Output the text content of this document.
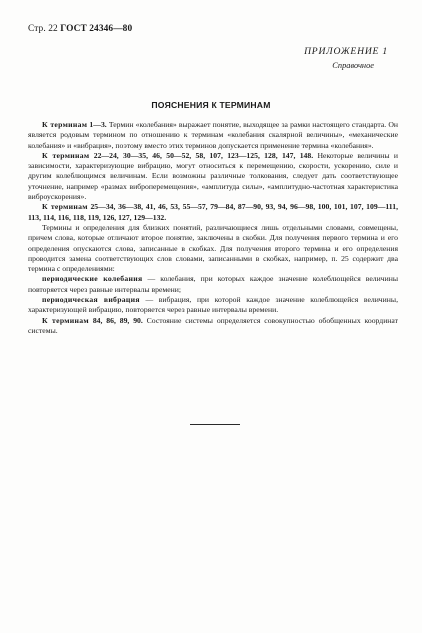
Стр. 22 ГОСТ 24346—80
ПРИЛОЖЕНИЕ 1
Справочное
ПОЯСНЕНИЯ К ТЕРМИНАМ

К терминам 1—3. Термин «колебания» выражает понятие, выходящее за рамки настоящего стандарта. Он является родовым термином по отношению к терминам «колебания скалярной величины», «механические колебания» и «вибрация», поэтому вместо этих терминов допускается применение термина «колебания».

К терминам 22—24, 30—35, 46, 50—52, 58, 107, 123—125, 128, 147, 148. Некоторые величины и зависимости, характеризующие вибрацию, могут относиться к перемещению, скорости, ускорению, силе и другим колеблющимся величинам. Если возможны различные толкования, следует дать соответствующее уточнение, например «размах виброперемещения», «амплитуда силы», «амплитудно-частотная характеристика виброускорения».

К терминам 25—34, 36—38, 41, 46, 53, 55—57, 79—84, 87—90, 93, 94, 96—98, 100, 101, 107, 109—111, 113, 114, 116, 118, 119, 126, 127, 129—132.

Термины и определения для близких понятий, различающиеся лишь отдельными словами, совмещены, причем слова, которые отличают второе понятие, заключены в скобки. Для получения первого термина и его определения опускаются слова, записанные в скобках. Для получения второго термина и его определения проводится замена соответствующих слов словами, записанными в скобках, например, п. 25 содержит два термина с определениями:

периодические колебания — колебания, при которых каждое значение колеблющейся величины повторяется через равные интервалы времени;

периодическая вибрация — вибрация, при которой каждое значение колеблющейся величины, характеризующей вибрацию, повторяется через равные интервалы времени.

К терминам 84, 86, 89, 90. Состояние системы определяется совокупностью обобщенных координат системы.
